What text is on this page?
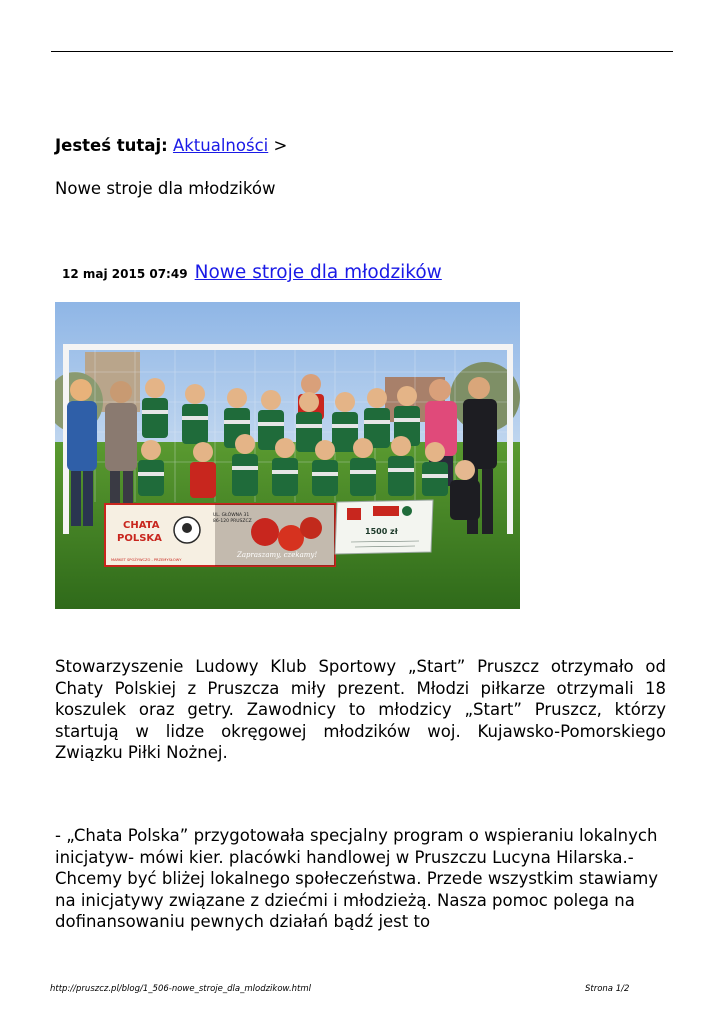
Jesteś tutaj: Aktualności >
Nowe stroje dla młodzików
12 maj 2015 07:49 Nowe stroje dla młodzików
CHATA
POLSKA
UL. GŁÓWNA 31
86-120 PRUSZCZ
Zapraszamy, czekamy!
MARKET SPOŻYWCZO - PRZEMYSŁOWY
1500 zł

Stowarzyszenie Ludowy Klub Sportowy „Start” Pruszcz otrzymało od Chaty Polskiej z Pruszcza miły prezent. Młodzi piłkarze otrzymali 18 koszulek oraz getry. Zawodnicy to młodzicy „Start” Pruszcz, którzy startują w lidze okręgowej młodzików woj. Kujawsko-Pomorskiego Związku Piłki Nożnej.

- „Chata Polska” przygotowała specjalny program o wspieraniu lokalnych inicjatyw- mówi kier. placówki handlowej w Pruszczu Lucyna Hilarska.-Chcemy być bliżej lokalnego społeczeństwa. Przede wszystkim stawiamy na inicjatywy związane z dziećmi i młodzieżą. Nasza pomoc polega na dofinansowaniu pewnych działań bądź jest to

http://pruszcz.pl/blog/1_506-nowe_stroje_dla_mlodzikow.html	Strona 1/2
